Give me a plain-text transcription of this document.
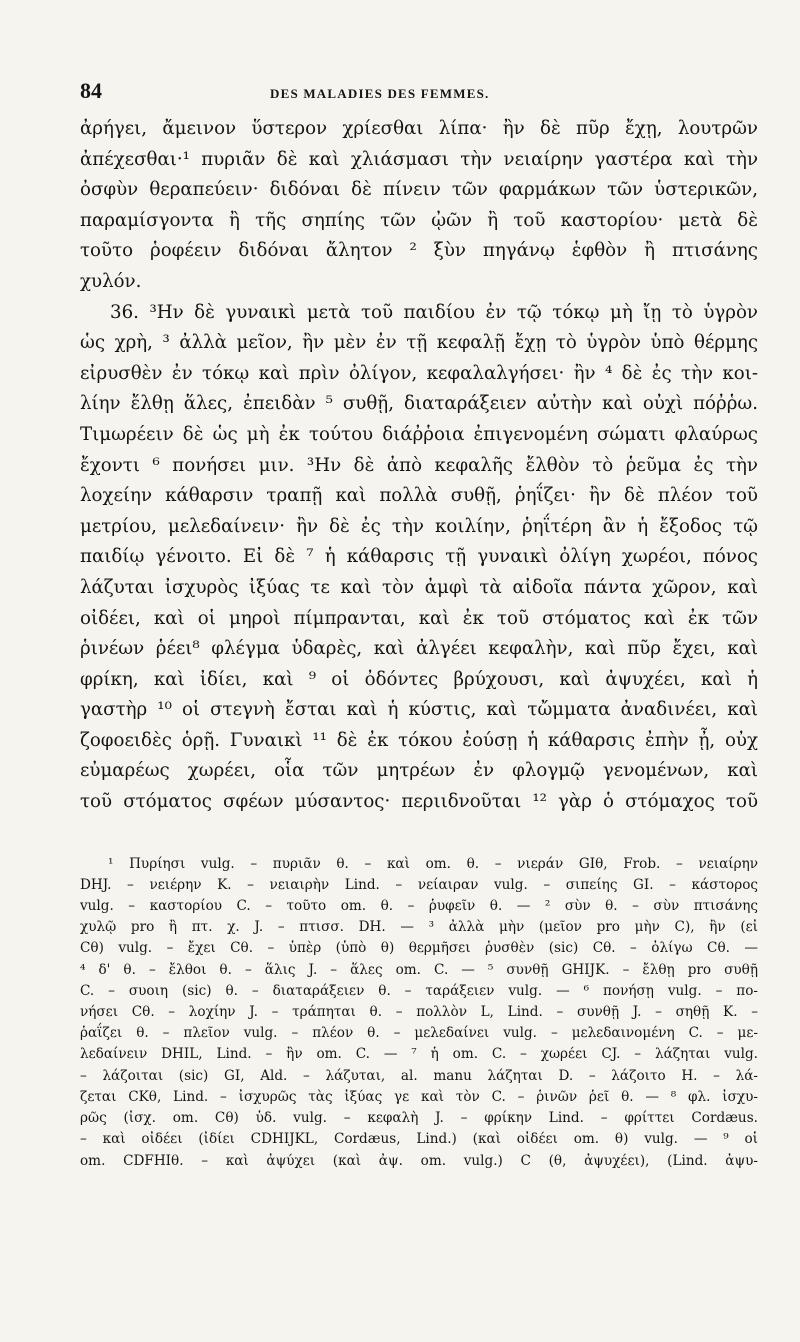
84	DES MALADIES DES FEMMES.
ἀρήγει, ἄμεινον ὕστερον χρίεσθαι λίπα· ἢν δὲ πῦρ ἔχῃ, λουτρῶν
ἀπέχεσθαι·¹ πυριᾶν δὲ καὶ χλιάσμασι τὴν νειαίρην γαστέρα καὶ τὴν
ὀσφὺν θεραπεύειν· διδόναι δὲ πίνειν τῶν φαρμάκων τῶν ὑστερικῶν,
παραμίσγοντα ἢ τῆς σηπίης τῶν ᾠῶν ἢ τοῦ καστορίου· μετὰ δὲ
τοῦτο ῥοφέειν διδόναι ἄλητον ² ξὺν πηγάνῳ ἑφθὸν ἢ πτισάνης
χυλόν.
36. ³Ην δὲ γυναικὶ μετὰ τοῦ παιδίου ἐν τῷ τόκῳ μὴ ἴῃ τὸ ὑγρὸν
ὡς χρὴ, ³ ἀλλὰ μεῖον, ἢν μὲν ἐν τῇ κεφαλῇ ἔχῃ τὸ ὑγρὸν ὑπὸ θέρμης
εἰρυσθὲν ἐν τόκῳ καὶ πρὶν ὀλίγον, κεφαλαλγήσει· ἢν ⁴ δὲ ἐς τὴν κοι-
λίην ἔλθῃ ἅλες, ἐπειδὰν ⁵ συθῇ, διαταράξειεν αὐτὴν καὶ οὐχὶ πόῤῥω.
Τιμωρέειν δὲ ὡς μὴ ἐκ τούτου διάῤῥοια ἐπιγενομένη σώματι φλαύρως
ἔχοντι ⁶ πονήσει μιν. ³Ην δὲ ἀπὸ κεφαλῆς ἔλθὸν τὸ ῥεῦμα ἐς τὴν
λοχείην κάθαρσιν τραπῇ καὶ πολλὰ συθῇ, ῥηΐζει· ἢν δὲ πλέον τοῦ
μετρίου, μελεδαίνειν· ἢν δὲ ἐς τὴν κοιλίην, ῥηΐτέρη ἂν ἡ ἔξοδος τῷ
παιδίῳ γένοιτο. Εἰ δὲ ⁷ ἡ κάθαρσις τῇ γυναικὶ ὀλίγη χωρέοι, πόνος
λάζυται ἰσχυρὸς ἰξύας τε καὶ τὸν ἀμφὶ τὰ αἰδοῖα πάντα χῶρον, καὶ
οἰδέει, καὶ οἱ μηροὶ πίμπρανται, καὶ ἐκ τοῦ στόματος καὶ ἐκ τῶν
ῥινέων ῥέει⁸ φλέγμα ὑδαρὲς, καὶ ἀλγέει κεφαλὴν, καὶ πῦρ ἔχει, καὶ
φρίκη, καὶ ἰδίει, καὶ ⁹ οἱ ὀδόντες βρύχουσι, καὶ ἀψυχέει, καὶ ἡ
γαστὴρ ¹⁰ οἱ στεγνὴ ἔσται καὶ ἡ κύστις, καὶ τὤμματα ἀναδινέει, καὶ
ζοφοειδὲς ὁρῇ. Γυναικὶ ¹¹ δὲ ἐκ τόκου ἐούσῃ ἡ κάθαρσις ἐπὴν ᾖ, οὐχ
εὐμαρέως χωρέει, οἷα τῶν μητρέων ἐν φλογμῷ γενομένων, καὶ
τοῦ στόματος σφέων μύσαντος· περιιδνοῦται ¹² γὰρ ὁ στόμαχος τοῦ
¹ Πυρίησι vulg. – πυριᾶν θ. – καὶ om. θ. – νιεράν GIθ, Frob. – νειαίρην
DHJ. – νειέρην K. – νειαιρὴν Lind. – νείαιραν vulg. – σιπείης GI. – κάστορος
vulg. – καστορίου C. – τοῦτο om. θ. – ῥυφεῖν θ. — ² σὺν θ. – σὺν πτισάνης
χυλῷ pro ἢ πτ. χ. J. – πτισσ. DH. — ³ ἀλλὰ μὴν (μεῖον pro μὴν C), ἢν (εἰ
Cθ) vulg. – ἔχει Cθ. – ὑπὲρ (ὑπὸ θ) θερμῆσει ῥυσθὲν (sic) Cθ. – ὀλίγω Cθ. —
⁴ δ' θ. – ἔλθοι θ. – ἅλις J. – ἅλες om. C. — ⁵ συνθῇ GHIJK. – ἔλθῃ pro συθῇ
C. – συοιη (sic) θ. – διαταράξειεν θ. – ταράξειεν vulg. — ⁶ πονήσῃ vulg. – πο-
νήσει Cθ. – λοχίην J. – τράπηται θ. – πολλὸν L, Lind. – συνθῇ J. – σηθῇ K. –
ῥαΐζει θ. – πλεῖον vulg. – πλέον θ. – μελεδαίνει vulg. – μελεδαινομένη C. – με-
λεδαίνειν DHIL, Lind. – ἢν om. C. — ⁷ ἡ om. C. – χωρέει CJ. – λάζηται vulg.
– λάζοιται (sic) GI, Ald. – λάζυται, al. manu λάζηται D. – λάζοιτο H. – λά-
ζεται CKθ, Lind. – ἰσχυρῶς τὰς ἰξύας γε καὶ τὸν C. – ῥινῶν ῥεῖ θ. — ⁸ φλ. ἰσχυ-
ρῶς (ἰσχ. om. Cθ) ὑδ. vulg. – κεφαλὴ J. – φρίκην Lind. – φρίττει Cordæus.
– καὶ οἰδέει (ἰδίει CDHIJKL, Cordæus, Lind.) (καὶ οἰδέει om. θ) vulg. — ⁹ οἱ
om. CDFHIθ. – καὶ ἀψύχει (καὶ ἀψ. om. vulg.) C (θ, ἀψυχέει), (Lind. ἀψυ-
